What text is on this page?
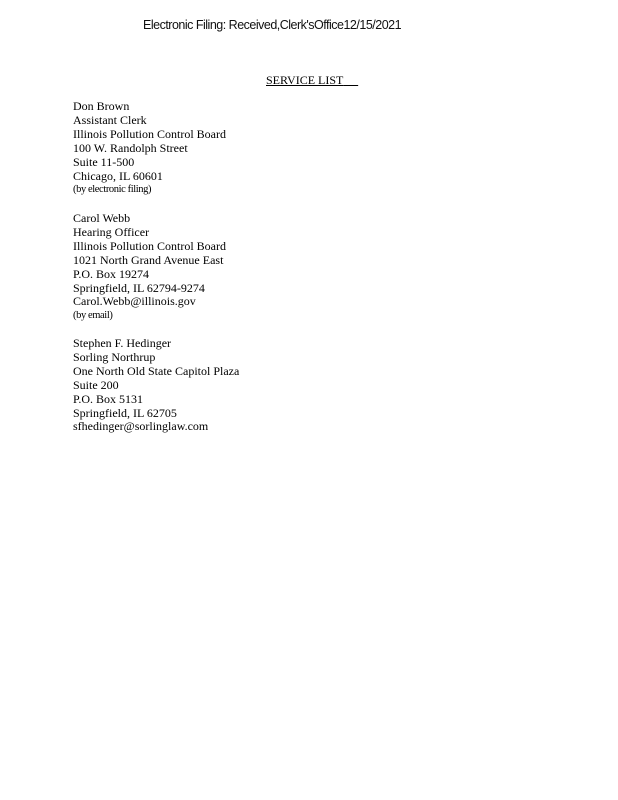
Electronic Filing: Received,Clerk'sOffice12/15/2021
SERVICE LIST
Don Brown
Assistant Clerk
Illinois Pollution Control Board
100 W. Randolph Street
Suite 11-500
Chicago, IL 60601
(by electronic filing)
Carol Webb
Hearing Officer
Illinois Pollution Control Board
1021 North Grand Avenue East
P.O. Box 19274
Springfield, IL 62794-9274
Carol.Webb@illinois.gov
(by email)
Stephen F. Hedinger
Sorling Northrup
One North Old State Capitol Plaza
Suite 200
P.O. Box 5131
Springfield, IL 62705
sfhedinger@sorlinglaw.com
